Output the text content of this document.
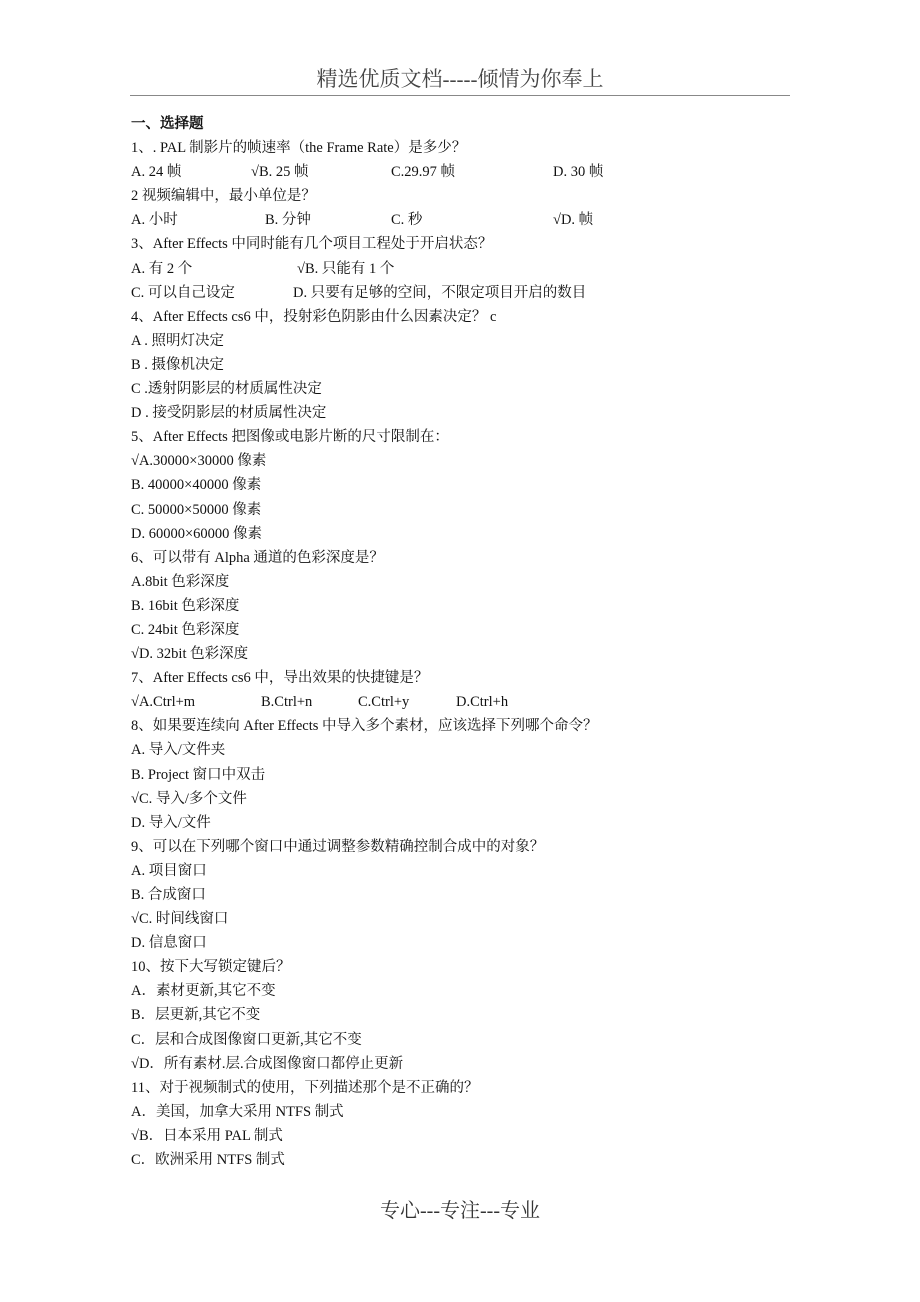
精选优质文档-----倾情为你奉上
一、选择题
1、. PAL 制影片的帧速率（the Frame Rate）是多少？
A. 24 帧	√B. 25 帧	C.29.97 帧	D. 30 帧
2 视频编辑中，最小单位是？
A. 小时	B. 分钟	C. 秒	√D. 帧
3、After Effects 中同时能有几个项目工程处于开启状态？
A. 有 2 个	√B. 只能有 1 个
C. 可以自己设定	D. 只要有足够的空间，不限定项目开启的数目
4、After Effects cs6 中，投射彩色阴影由什么因素决定？ c
A . 照明灯决定
B . 摄像机决定
C .透射阴影层的材质属性决定
D . 接受阴影层的材质属性决定
5、After Effects 把图像或电影片断的尺寸限制在：
√A.30000×30000 像素
B. 40000×40000 像素
C. 50000×50000 像素
D. 60000×60000 像素
6、可以带有 Alpha 通道的色彩深度是？
A.8bit 色彩深度
B. 16bit 色彩深度
C. 24bit 色彩深度
√D. 32bit 色彩深度
7、After Effects cs6 中，导出效果的快捷键是？
√A.Ctrl+m	B.Ctrl+n	C.Ctrl+y	D.Ctrl+h
8、如果要连续向 After Effects 中导入多个素材，应该选择下列哪个命令？
A. 导入/文件夹
B. Project 窗口中双击
√C. 导入/多个文件
D. 导入/文件
9、可以在下列哪个窗口中通过调整参数精确控制合成中的对象？
A. 项目窗口
B. 合成窗口
√C. 时间线窗口
D. 信息窗口
10、按下大写锁定键后？
A．素材更新,其它不变
B．层更新,其它不变
C．层和合成图像窗口更新,其它不变
√D．所有素材.层.合成图像窗口都停止更新
11、对于视频制式的使用，下列描述那个是不正确的？
A．美国，加拿大采用 NTFS 制式
√B．日本采用 PAL 制式
C．欧洲采用 NTFS 制式
专心---专注---专业
